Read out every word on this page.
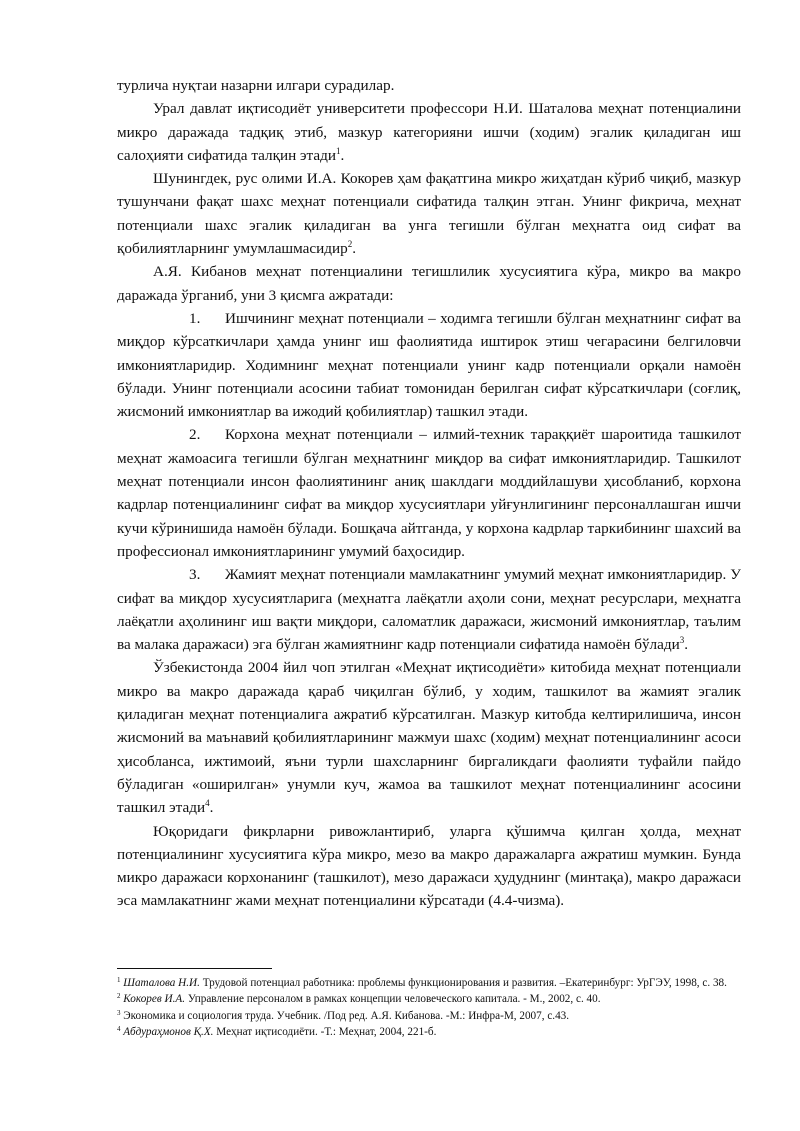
турлича нуқтаи назарни илгари сурадилар.

Урал давлат иқтисодиёт университети профессори Н.И. Шаталова меҳнат потенциалини микро даражада тадқиқ этиб, мазкур категорияни ишчи (ходим) эгалик қиладиган иш салоҳияти сифатида талқин этади$^1$.

Шунингдек, рус олими И.А. Кокорев ҳам фақатгина микро жиҳатдан кўриб чиқиб, мазкур тушунчани фақат шахс меҳнат потенциали сифатида талқин этган. Унинг фикрича, меҳнат потенциали шахс эгалик қиладиган ва унга тегишли бўлган меҳнатга оид сифат ва қобилиятларнинг умумлашмасидир$^2$.

А.Я. Кибанов меҳнат потенциалини тегишлилик хусусиятига кўра, микро ва макро даражада ўрганиб, уни 3 қисмга ажратади:

1. Ишчининг меҳнат потенциали – ходимга тегишли бўлган меҳнатнинг сифат ва миқдор кўрсаткичлари ҳамда унинг иш фаолиятида иштирок этиш чегарасини белгиловчи имкониятларидир. Ходимнинг меҳнат потенциали унинг кадр потенциали орқали намоён бўлади. Унинг потенциали асосини табиат томонидан берилган сифат кўрсаткичлари (соғлиқ, жисмоний имкониятлар ва ижодий қобилиятлар) ташкил этади.

2. Корхона меҳнат потенциали – илмий-техник тараққиёт шароитида ташкилот меҳнат жамоасига тегишли бўлган меҳнатнинг миқдор ва сифат имкониятларидир. Ташкилот меҳнат потенциали инсон фаолиятининг аниқ шаклдаги моддийлашуви ҳисобланиб, корхона кадрлар потенциалининг сифат ва миқдор хусусиятлари уйғунлигининг персоналлашган ишчи кучи кўринишида намоён бўлади. Бошқача айтганда, у корхона кадрлар таркибининг шахсий ва профессионал имкониятларининг умумий баҳосидир.

3. Жамият меҳнат потенциали мамлакатнинг умумий меҳнат имкониятларидир. У сифат ва миқдор хусусиятларига (меҳнатга лаёқатли аҳоли сони, меҳнат ресурслари, меҳнатга лаёқатли аҳолининг иш вақти миқдори, саломатлик даражаси, жисмоний имкониятлар, таълим ва малака даражаси) эга бўлган жамиятнинг кадр потенциали сифатида намоён бўлади$^3$.

Ўзбекистонда 2004 йил чоп этилган «Меҳнат иқтисодиёти» китобида меҳнат потенциали микро ва макро даражада қараб чиқилган бўлиб, у ходим, ташкилот ва жамият эгалик қиладиган меҳнат потенциалига ажратиб кўрсатилган. Мазкур китобда келтирилишича, инсон жисмоний ва маънавий қобилиятларининг мажмуи шахс (ходим) меҳнат потенциалининг асоси ҳисобланса, ижтимоий, яъни турли шахсларнинг биргаликдаги фаолияти туфайли пайдо бўладиган «оширилган» унумли куч, жамоа ва ташкилот меҳнат потенциалининг асосини ташкил этади$^4$.

Юқоридаги фикрларни ривожлантириб, уларга қўшимча қилган ҳолда, меҳнат потенциалининг хусусиятига кўра микро, мезо ва макро даражаларга ажратиш мумкин. Бунда микро даражаси корхонанинг (ташкилот), мезо даражаси ҳудуднинг (минтақа), макро даражаси эса мамлакатнинг жами меҳнат потенциалини кўрсатади (4.4-чизма).

$^1$ Шаталова Н.И. Трудовой потенциал работника: проблемы функционирования и развития. –Екатеринбург: УрГЭУ, 1998, с. 38.

$^2$ Кокорев И.А. Управление персоналом в рамках концепции человеческого капитала. - М., 2002, с. 40.

$^3$ Экономика и социология труда. Учебник. /Под ред. А.Я. Кибанова. -М.: Инфра-М, 2007, с.43.

$^4$ Абдураҳмонов Қ.Х. Меҳнат иқтисодиёти. -Т.: Меҳнат, 2004, 221-б.
